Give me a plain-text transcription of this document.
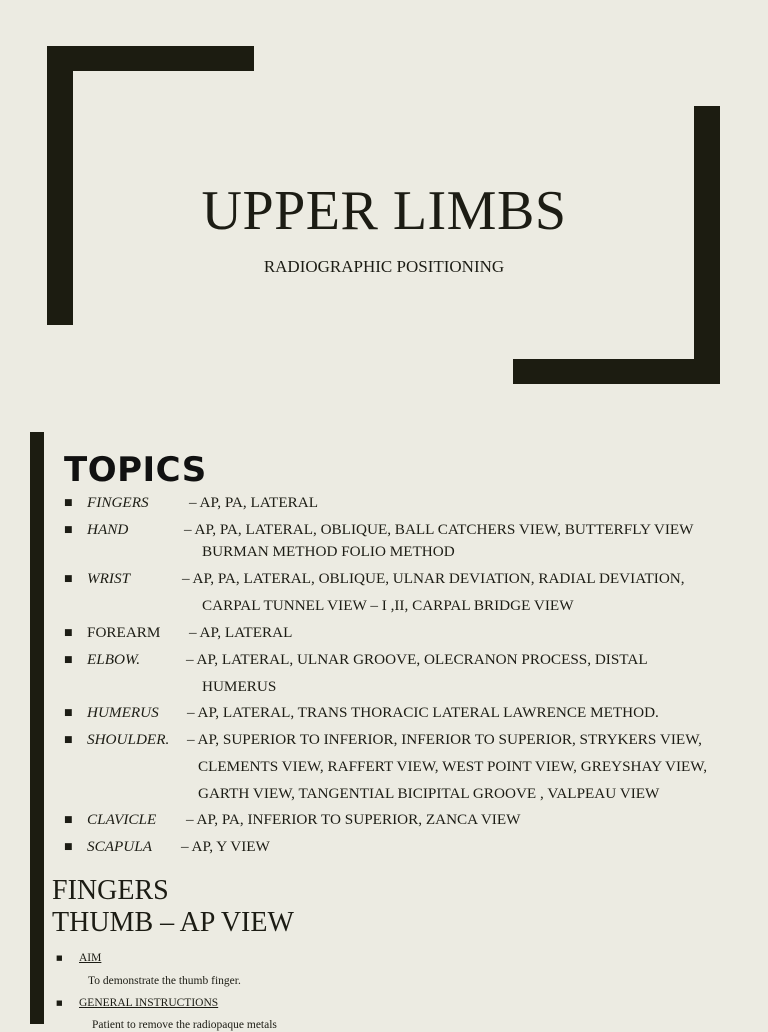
UPPER LIMBS
RADIOGRAPHIC POSITIONING
TOPICS
■ FINGERS	– AP, PA, LATERAL
■ HAND	– AP, PA, LATERAL, OBLIQUE, BALL CATCHERS VIEW, BUTTERFLY VIEW
BURMAN METHOD FOLIO METHOD
■ WRIST	– AP, PA, LATERAL, OBLIQUE, ULNAR DEVIATION, RADIAL DEVIATION,
CARPAL TUNNEL VIEW – I ,II, CARPAL BRIDGE VIEW
■ FOREARM – AP, LATERAL
■ ELBOW.	– AP, LATERAL, ULNAR GROOVE, OLECRANON PROCESS, DISTAL
HUMERUS
■ HUMERUS – AP, LATERAL, TRANS THORACIC LATERAL LAWRENCE METHOD.
■ SHOULDER. – AP, SUPERIOR TO INFERIOR, INFERIOR TO SUPERIOR, STRYKERS VIEW,
CLEMENTS VIEW, RAFFERT VIEW, WEST POINT VIEW, GREYSHAY VIEW,
GARTH VIEW, TANGENTIAL BICIPITAL GROOVE , VALPEAU VIEW
■ CLAVICLE – AP, PA, INFERIOR TO SUPERIOR, ZANCA VIEW
■ SCAPULA – AP, Y VIEW
FINGERS
THUMB – AP VIEW
■ AIM
To demonstrate the thumb finger.
■ GENERAL INSTRUCTIONS
Patient to remove the radiopaque metals
